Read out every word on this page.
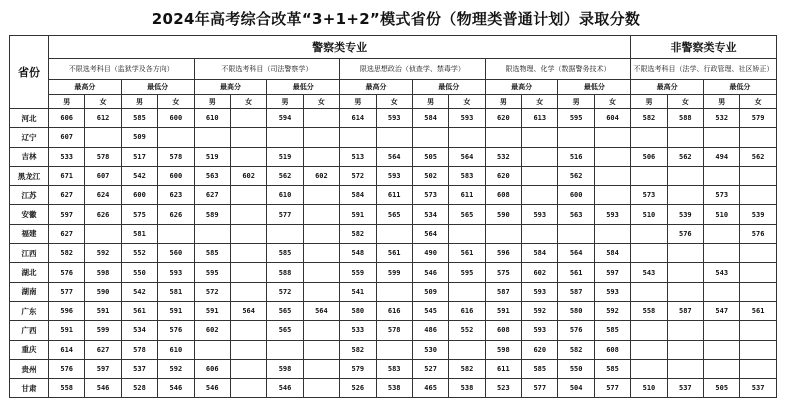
2024年高考综合改革“3+1+2”模式省份（物理类普通计划）录取分数
省份	警察类专业																非警察类专业			
	不限选考科目（监狱学及各方向）				不限选考科目（司法警察学）				限选思想政治（侦查学、禁毒学）				限选物理、化学（数据警务技术）				不限选考科目（法学、行政管理、社区矫正）			
	最高分		最低分		最高分		最低分		最高分		最低分		最高分		最低分		最高分		最低分	
	男	女	男	女	男	女	男	女	男	女	男	女	男	女	男	女	男	女	男	女
河北	606	612	585	600	610		594		614	593	584	593	620	613	595	604	582	588	532	579
辽宁	607		509																	
吉林	533	578	517	578	519		519		513	564	505	564	532		516		506	562	494	562
黑龙江	671	607	542	600	563	602	562	602	572	593	502	583	620		562					
江苏	627	624	600	623	627		610		584	611	573	611	608		600		573		573	
安徽	597	626	575	626	589		577		591	565	534	565	590	593	563	593	510	539	510	539
福建	627		581						582		564							576		576
江西	582	592	552	560	585		585		548	561	490	561	596	584	564	584				
湖北	576	598	550	593	595		588		559	599	546	595	575	602	561	597	543		543	
湖南	577	590	542	581	572		572		541		509		587	593	587	593				
广东	596	591	561	591	591	564	565	564	580	616	545	616	591	592	580	592	558	587	547	561
广西	591	599	534	576	602		565		533	578	486	552	608	593	576	585				
重庆	614	627	578	610					582		530		598	620	582	608				
贵州	576	597	537	592	606		598		579	583	527	582	611	585	550	585				
甘肃	558	546	528	546	546		546		526	538	465	538	523	577	504	577	510	537	505	537
